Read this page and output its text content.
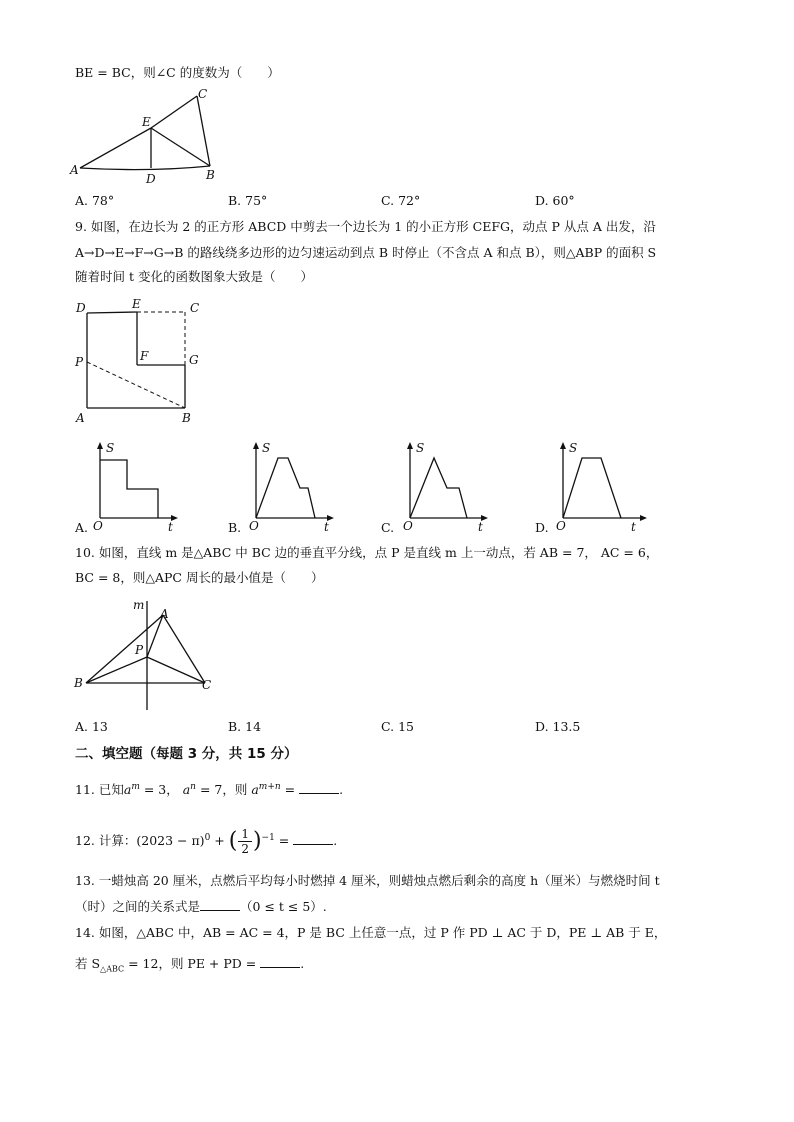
BE = BC，则∠C 的度数为（　　）
A
E
C
D	B
A. 78°	B. 75°	C. 72°	D. 60°
9. 如图，在边长为 2 的正方形 ABCD 中剪去一个边长为 1 的小正方形 CEFG，动点 P 从点 A 出发，沿
A→D→E→F→G→B 的路线绕多边形的边匀速运动到点 B 时停止（不含点 A 和点 B），则△ABP 的面积 S
随着时间 t 变化的函数图象大致是（　　）
D	E	C
P	F	G
A	B
S
O	t
A.
S
O	t
B.
S
O	t
C.
S
O	t
D.
10. 如图，直线 m 是△ABC 中 BC 边的垂直平分线，点 P 是直线 m 上一动点，若 AB = 7， AC = 6，
BC = 8，则△APC 周长的最小值是（　　）
m
A
P
B	C
A. 13	B. 14	C. 15	D. 13.5
二、填空题（每题 3 分，共 15 分）
11. 已知$a^m = 3$， $a^n = 7$，则 $a^{m+n}$ =	.
12. 计算：$(2023 - \pi)^0$ + ( $\frac{1}{2} )^{-1}$ =	.
13. 一蜡烛高 20 厘米，点燃后平均每小时燃掉 4 厘米，则蜡烛点燃后剩余的高度 h（厘米）与燃烧时间 t
（时）之间的关系式是	（0 ≤ t ≤ 5）.
14. 如图，△ABC 中，AB = AC = 4，P 是 BC 上任意一点，过 P 作 PD ⊥ AC 于 D，PE ⊥ AB 于 E，
若 $S_{\triangle ABC} = 12$，则 PE + PD =	.
